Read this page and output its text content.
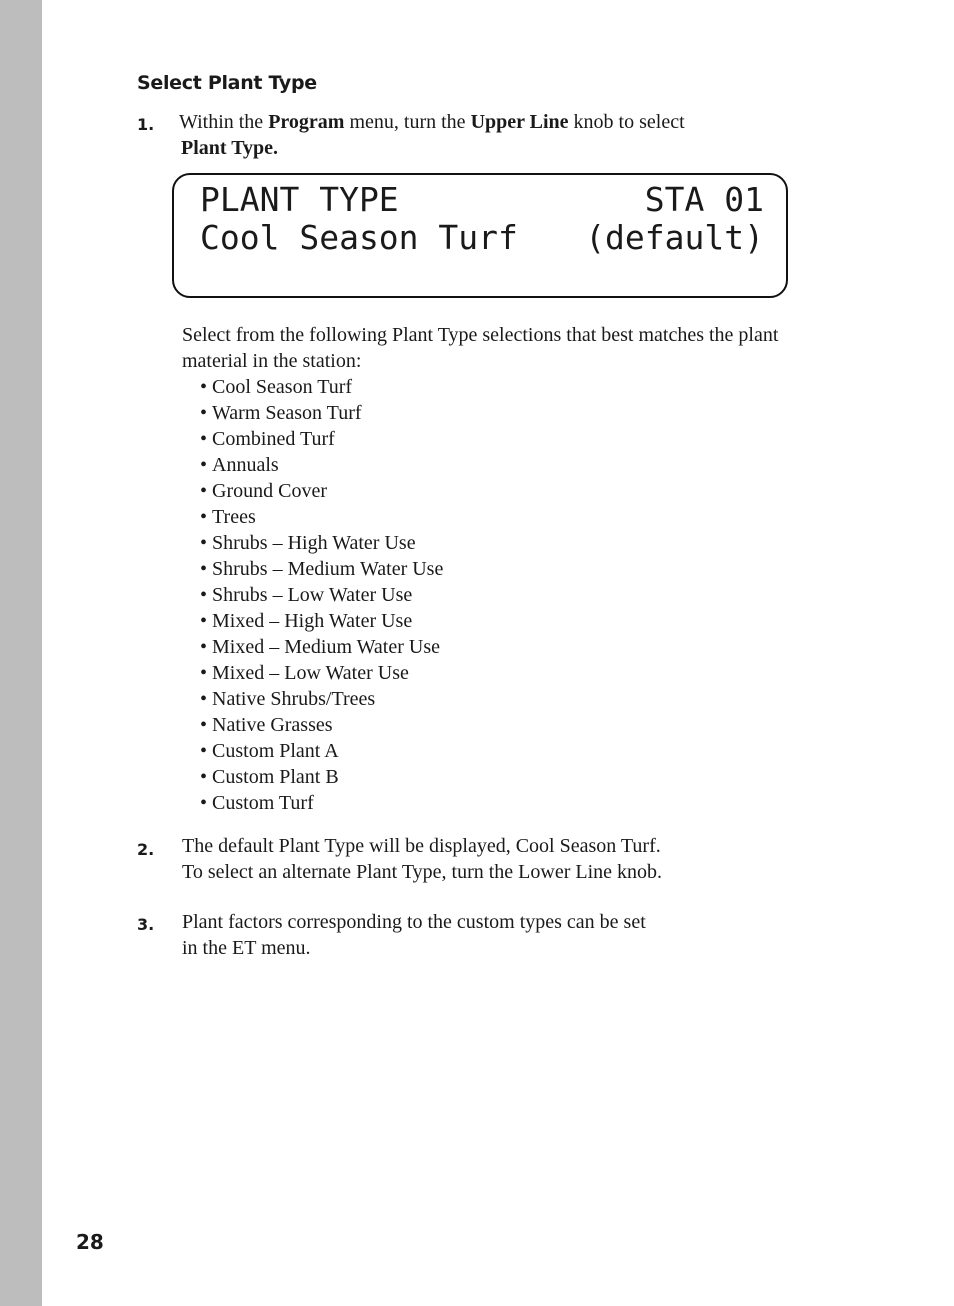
Select Plant Type
1. Within the Program menu, turn the Upper Line knob to select
Plant Type.

PLANT TYPE

	STA 01

Cool Season Turf

(default)

Select from the following Plant Type selections that best matches the plant material in the station:
• Cool Season Turf
• Warm Season Turf
• Combined Turf
• Annuals
• Ground Cover
• Trees
• Shrubs – High Water Use
• Shrubs – Medium Water Use
• Shrubs – Low Water Use
• Mixed – High Water Use
• Mixed – Medium Water Use
• Mixed – Low Water Use
• Native Shrubs/Trees
• Native Grasses
• Custom Plant A
• Custom Plant B
• Custom Turf
2. The default Plant Type will be displayed, Cool Season Turf.
To select an alternate Plant Type, turn the Lower Line knob.
3. Plant factors corresponding to the custom types can be set
in the ET menu.
28
